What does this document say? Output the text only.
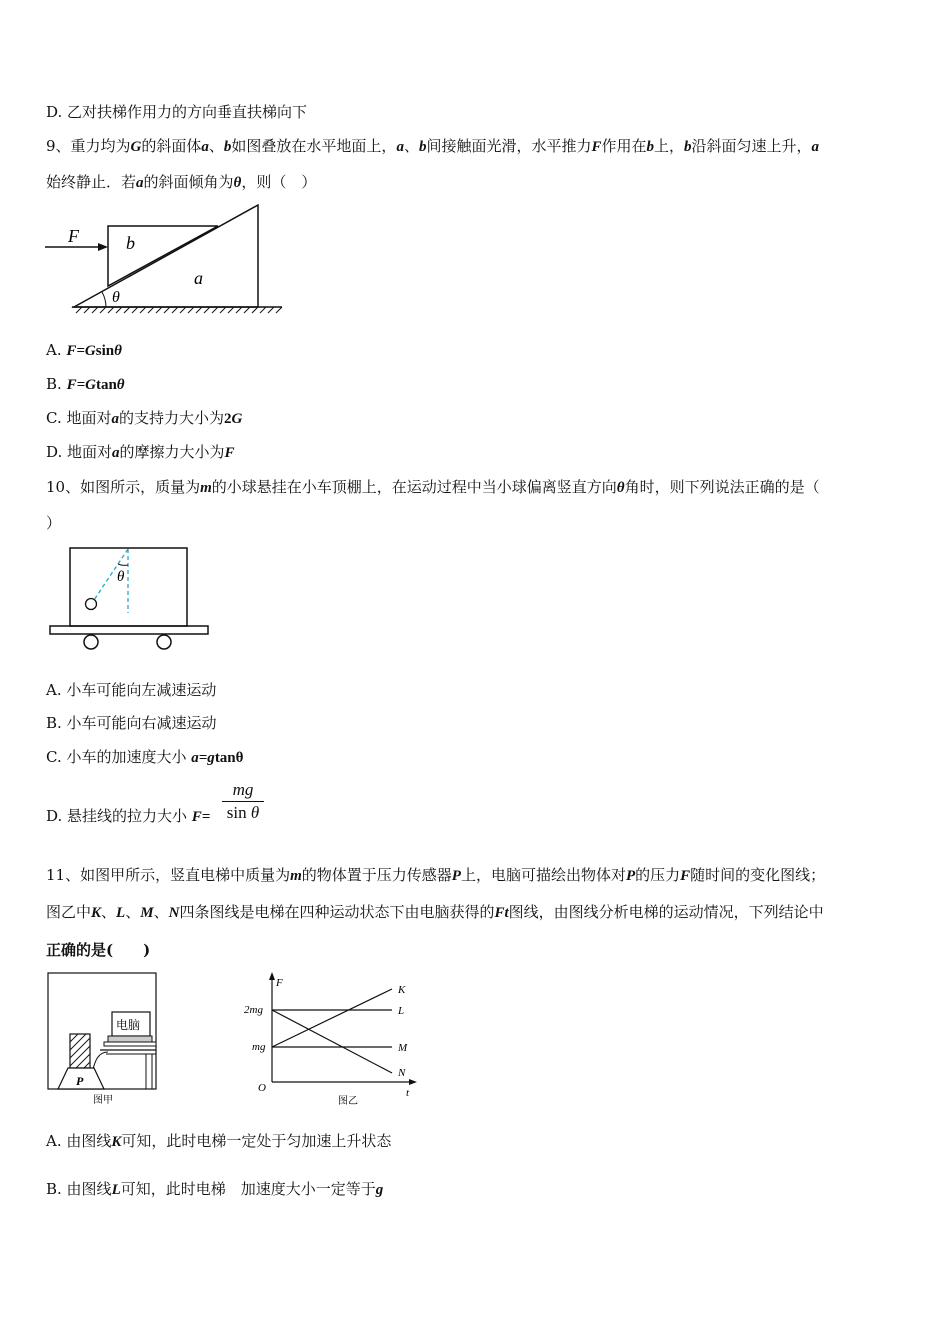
D. 乙对扶梯作用力的方向垂直扶梯向下
9、重力均为G的斜面体a、b如图叠放在水平地面上，a、b间接触面光滑，水平推力F作用在b上，b沿斜面匀速上升，a
始终静止．若a的斜面倾角为θ，则（　）
F	b
a
θ
A. F=Gsinθ
B. F=Gtanθ
C. 地面对a的支持力大小为2G
D. 地面对a的摩擦力大小为F
10、如图所示，质量为m的小球悬挂在小车顶棚上，在运动过程中当小球偏离竖直方向θ角时，则下列说法正确的是（
）
θ
A. 小车可能向左减速运动
B. 小车可能向右减速运动
C. 小车的加速度大小 a=gtanθ
D. 悬挂线的拉力大小 F=
mg
sin θ
11、如图甲所示，竖直电梯中质量为m的物体置于压力传感器P上，电脑可描绘出物体对P的压力F随时间的变化图线；
图乙中K、L、M、N四条图线是电梯在四种运动状态下由电脑获得的Ft图线，由图线分析电梯的运动情况，下列结论中
正确的是(　　)
P
电脑
图甲
F
t
O
2mg
mg
K
L
M
N
图乙
A. 由图线K可知，此时电梯一定处于匀加速上升状态
B. 由图线L可知，此时电梯　加速度大小一定等于g
